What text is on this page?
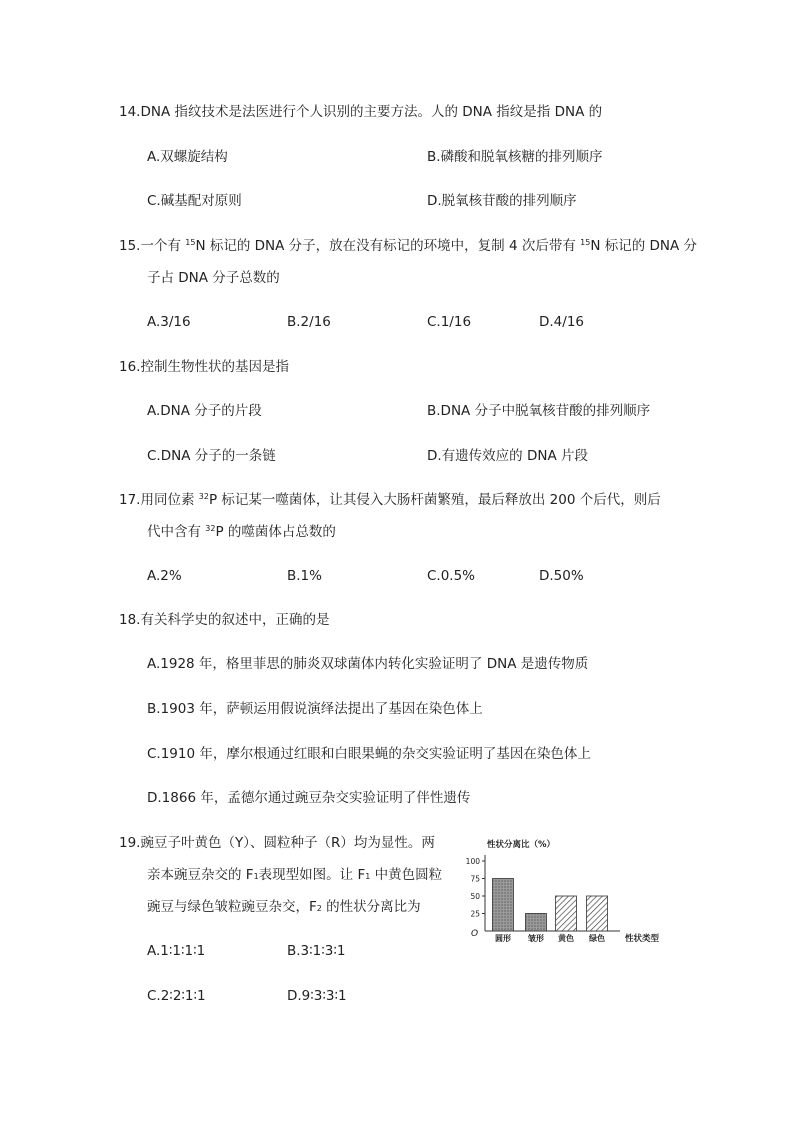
14.DNA 指纹技术是法医进行个人识别的主要方法。人的 DNA 指纹是指 DNA 的
A.双螺旋结构	B.磷酸和脱氧核糖的排列顺序
C.碱基配对原则	D.脱氧核苷酸的排列顺序
15.一个有 $^{15}$N 标记的 DNA 分子，放在没有标记的环境中，复制 4 次后带有 $^{15}$N 标记的 DNA 分
子占 DNA 分子总数的
A.3/16	B.2/16	C.1/16	D.4/16
16.控制生物性状的基因是指
A.DNA 分子的片段	B.DNA 分子中脱氧核苷酸的排列顺序
C.DNA 分子的一条链	D.有遗传效应的 DNA 片段
17.用同位素 $^{32}$P 标记某一噬菌体，让其侵入大肠杆菌繁殖，最后释放出 200 个后代，则后
代中含有 $^{32}$P 的噬菌体占总数的
A.2%	B.1%	C.0.5%	D.50%
18.有关科学史的叙述中，正确的是
A.1928 年，格里菲思的肺炎双球菌体内转化实验证明了 DNA 是遗传物质
B.1903 年，萨顿运用假说演绎法提出了基因在染色体上
C.1910 年，摩尔根通过红眼和白眼果蝇的杂交实验证明了基因在染色体上
D.1866 年，孟德尔通过豌豆杂交实验证明了伴性遗传
19.豌豆子叶黄色（Y）、圆粒种子（R）均为显性。两
亲本豌豆杂交的 $F_1$表现型如图。让 $F_1$ 中黄色圆粒
豌豆与绿色皱粒豌豆杂交，$F_2$ 的性状分离比为
A.1∶1∶1∶1	B.3∶1∶3∶1
C.2∶2∶1∶1	D.9∶3∶3∶1
性状分离比（%）
O
25
50
75
100
圆形 皱形 黄色 绿色 性状类型
